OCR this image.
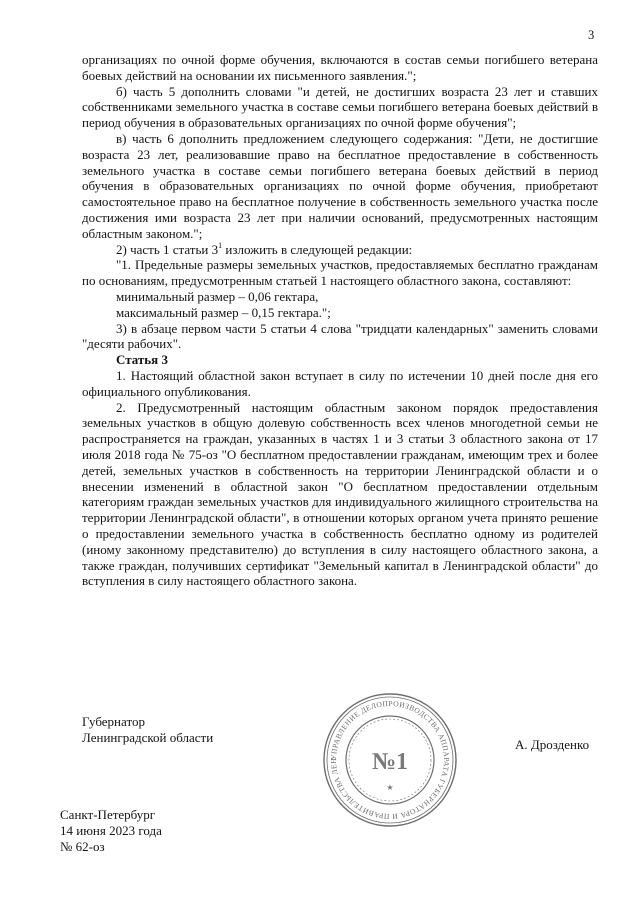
3

организациях по очной форме обучения, включаются в состав семьи погибшего ветерана боевых действий на основании их письменного заявления.";

б) часть 5 дополнить словами "и детей, не достигших возраста 23 лет и ставших собственниками земельного участка в составе семьи погибшего ветерана боевых действий в период обучения в образовательных организациях по очной форме обучения";

в) часть 6 дополнить предложением следующего содержания: "Дети, не достигшие возраста 23 лет, реализовавшие право на бесплатное предоставление в собственность земельного участка в составе семьи погибшего ветерана боевых действий в период обучения в образовательных организациях по очной форме обучения, приобретают самостоятельное право на бесплатное получение в собственность земельного участка после достижения ими возраста 23 лет при наличии оснований, предусмотренных настоящим областным законом.";

2) часть 1 статьи $3^1$ изложить в следующей редакции:

"1. Предельные размеры земельных участков, предоставляемых бесплатно гражданам по основаниям, предусмотренным статьей 1 настоящего областного закона, составляют:

минимальный размер – 0,06 гектара,

максимальный размер – 0,15 гектара.";

3) в абзаце первом части 5 статьи 4 слова "тридцати календарных" заменить словами "десяти рабочих".

Статья 3

1. Настоящий областной закон вступает в силу по истечении 10 дней после дня его официального опубликования.

2. Предусмотренный настоящим областным законом порядок предоставления земельных участков в общую долевую собственность всех членов многодетной семьи не распространяется на граждан, указанных в частях 1 и 3 статьи 3 областного закона от 17 июля 2018 года № 75-оз "О бесплатном предоставлении гражданам, имеющим трех и более детей, земельных участков в собственность на территории Ленинградской области и о внесении изменений в областной закон "О бесплатном предоставлении отдельным категориям граждан земельных участков для индивидуального жилищного строительства на территории Ленинградской области", в отношении которых органом учета принято решение о предоставлении земельного участка в собственность бесплатно одному из родителей (иному законному представителю) до вступления в силу настоящего областного закона, а также граждан, получивших сертификат "Земельный капитал в Ленинградской области" до вступления в силу настоящего областного закона.

Губернатор
Ленинградской области
УПРАВЛЕНИЕ ДЕЛОПРОИЗВОДСТВА АППАРАТА ГУБЕРНАТОРА И ПРАВИТЕЛЬСТВА ЛЕН	№1
★
А. Дрозденко
Санкт-Петербург
14 июня 2023 года
№ 62-оз
